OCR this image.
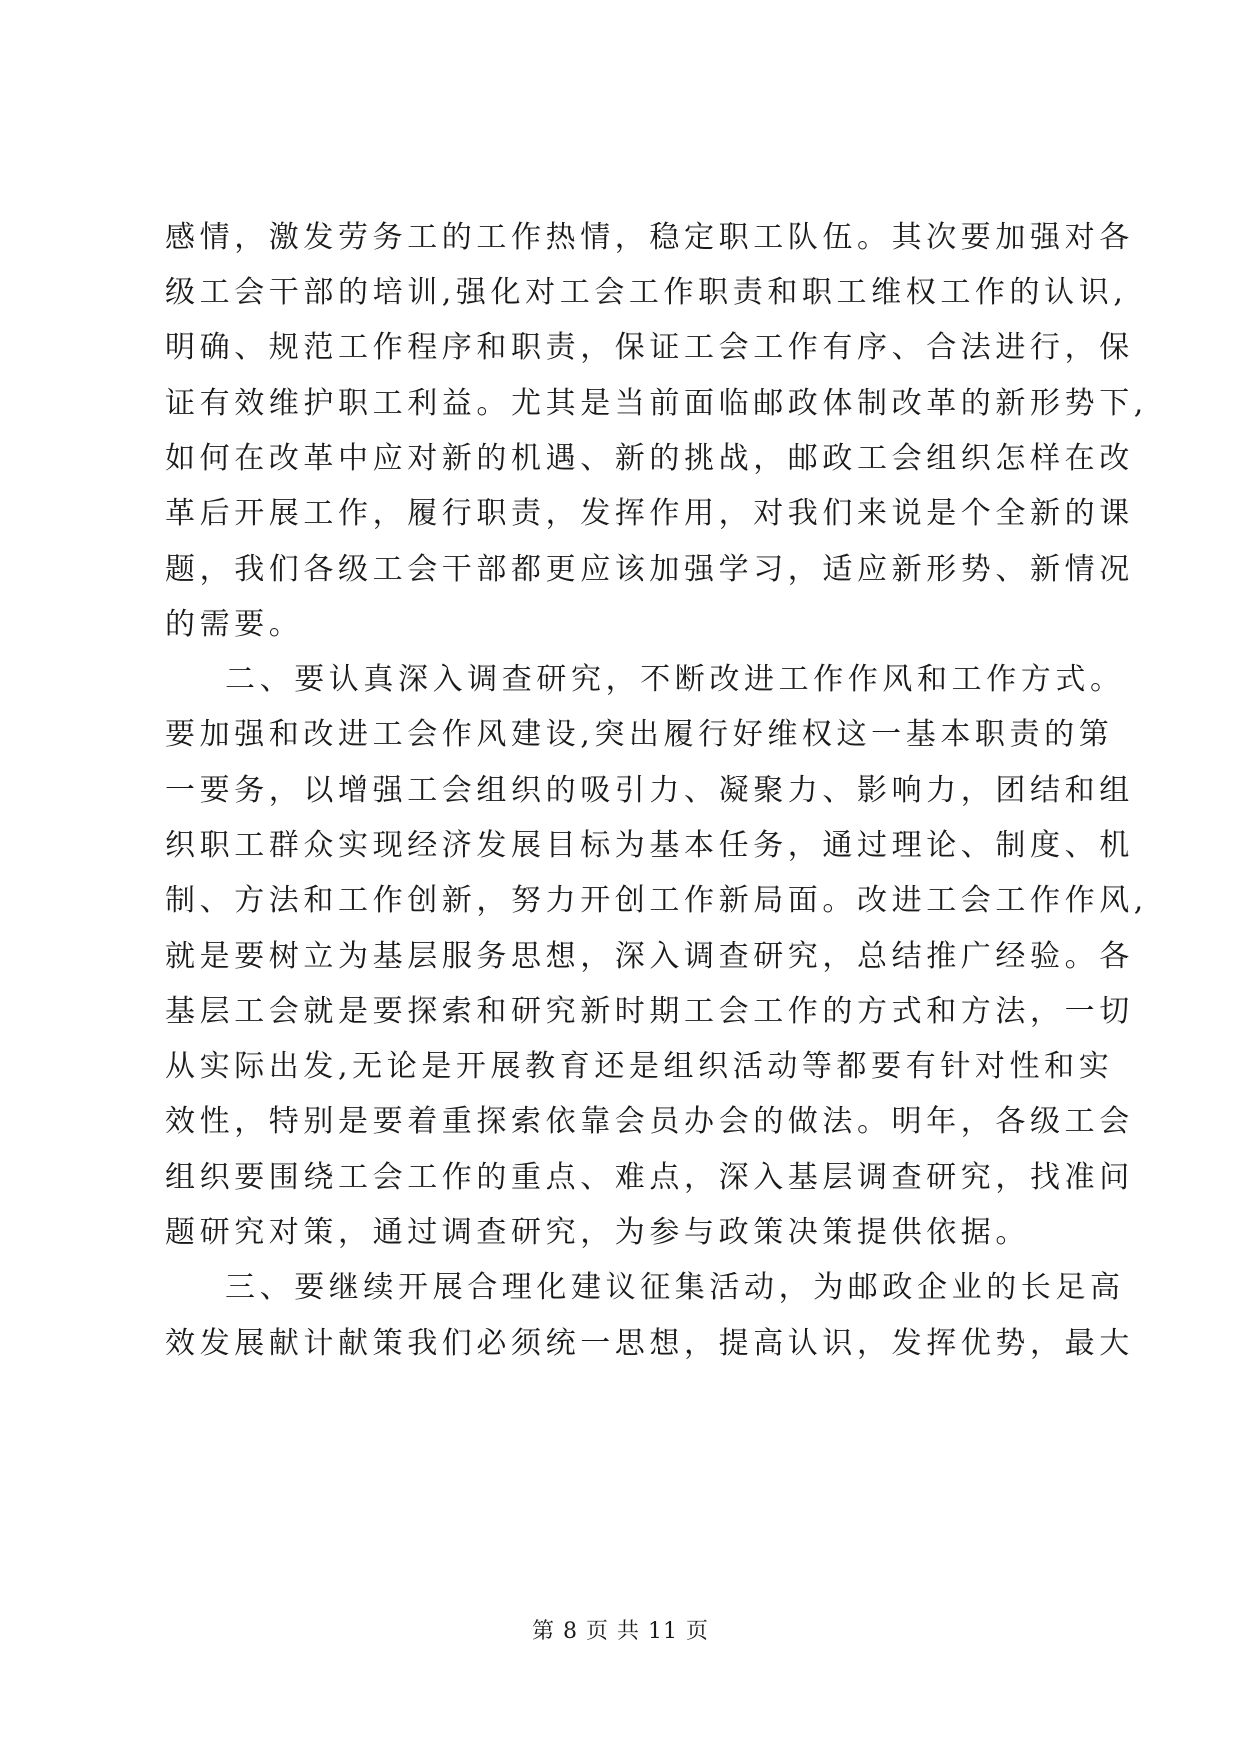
感情，激发劳务工的工作热情，稳定职工队伍。其次要加强对各
级工会干部的培训,强化对工会工作职责和职工维权工作的认识,
明确、规范工作程序和职责，保证工会工作有序、合法进行，保
证有效维护职工利益。尤其是当前面临邮政体制改革的新形势下,
如何在改革中应对新的机遇、新的挑战，邮政工会组织怎样在改
革后开展工作，履行职责，发挥作用，对我们来说是个全新的课
题，我们各级工会干部都更应该加强学习，适应新形势、新情况
的需要。
二、要认真深入调查研究，不断改进工作作风和工作方式。
要加强和改进工会作风建设,突出履行好维权这一基本职责的第
一要务，以增强工会组织的吸引力、凝聚力、影响力，团结和组
织职工群众实现经济发展目标为基本任务，通过理论、制度、机
制、方法和工作创新，努力开创工作新局面。改进工会工作作风,
就是要树立为基层服务思想，深入调查研究，总结推广经验。各
基层工会就是要探索和研究新时期工会工作的方式和方法，一切
从实际出发,无论是开展教育还是组织活动等都要有针对性和实
效性，特别是要着重探索依靠会员办会的做法。明年，各级工会
组织要围绕工会工作的重点、难点，深入基层调查研究，找准问
题研究对策，通过调查研究，为参与政策决策提供依据。
三、要继续开展合理化建议征集活动，为邮政企业的长足高
效发展献计献策我们必须统一思想，提高认识，发挥优势，最大
第 8 页 共 11 页
